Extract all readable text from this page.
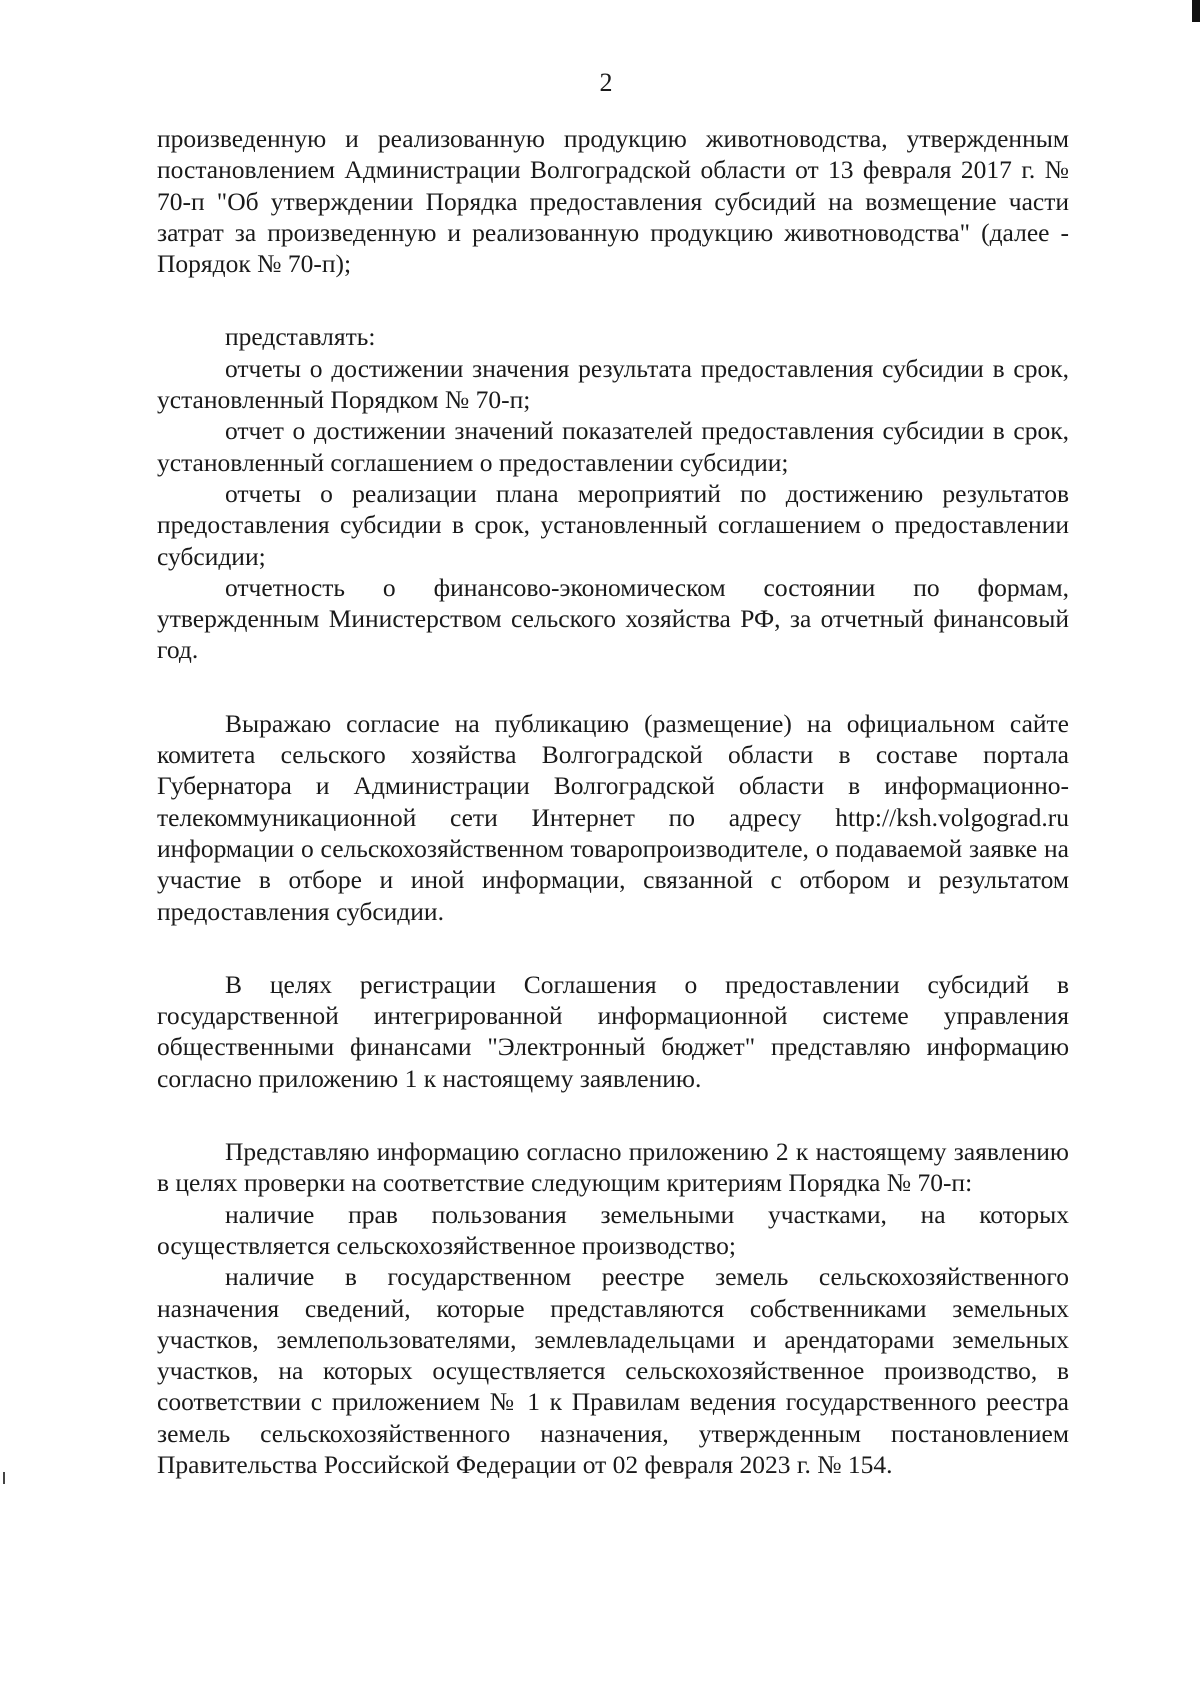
2

произведенную и реализованную продукцию животноводства, утвержденным постановлением Администрации Волгоградской области от 13 февраля 2017 г. № 70-п "Об утверждении Порядка предоставления субсидий на возмещение части затрат за произведенную и реализованную продукцию животноводства" (далее - Порядок № 70-п);

представлять:

отчеты о достижении значения результата предоставления субсидии в срок, установленный Порядком № 70-п;

отчет о достижении значений показателей предоставления субсидии в срок, установленный соглашением о предоставлении субсидии;

отчеты о реализации плана мероприятий по достижению результатов предоставления субсидии в срок, установленный соглашением о предоставлении субсидии;

отчетность о финансово-экономическом состоянии по формам, утвержденным Министерством сельского хозяйства РФ, за отчетный финансовый год.

Выражаю согласие на публикацию (размещение) на официальном сайте комитета сельского хозяйства Волгоградской области в составе портала Губернатора и Администрации Волгоградской области в информационно-телекоммуникационной сети Интернет по адресу http://ksh.volgograd.ru информации о сельскохозяйственном товаропроизводителе, о подаваемой заявке на участие в отборе и иной информации, связанной с отбором и результатом предоставления субсидии.

В целях регистрации Соглашения о предоставлении субсидий в государственной интегрированной информационной системе управления общественными финансами "Электронный бюджет" представляю информацию согласно приложению 1 к настоящему заявлению.

Представляю информацию согласно приложению 2 к настоящему заявлению в целях проверки на соответствие следующим критериям Порядка № 70-п:

наличие прав пользования земельными участками, на которых осуществляется сельскохозяйственное производство;

наличие в государственном реестре земель сельскохозяйственного назначения сведений, которые представляются собственниками земельных участков, землепользователями, землевладельцами и арендаторами земельных участков, на которых осуществляется сельскохозяйственное производство, в соответствии с приложением № 1 к Правилам ведения государственного реестра земель сельскохозяйственного назначения, утвержденным постановлением Правительства Российской Федерации от 02 февраля 2023 г. № 154.
